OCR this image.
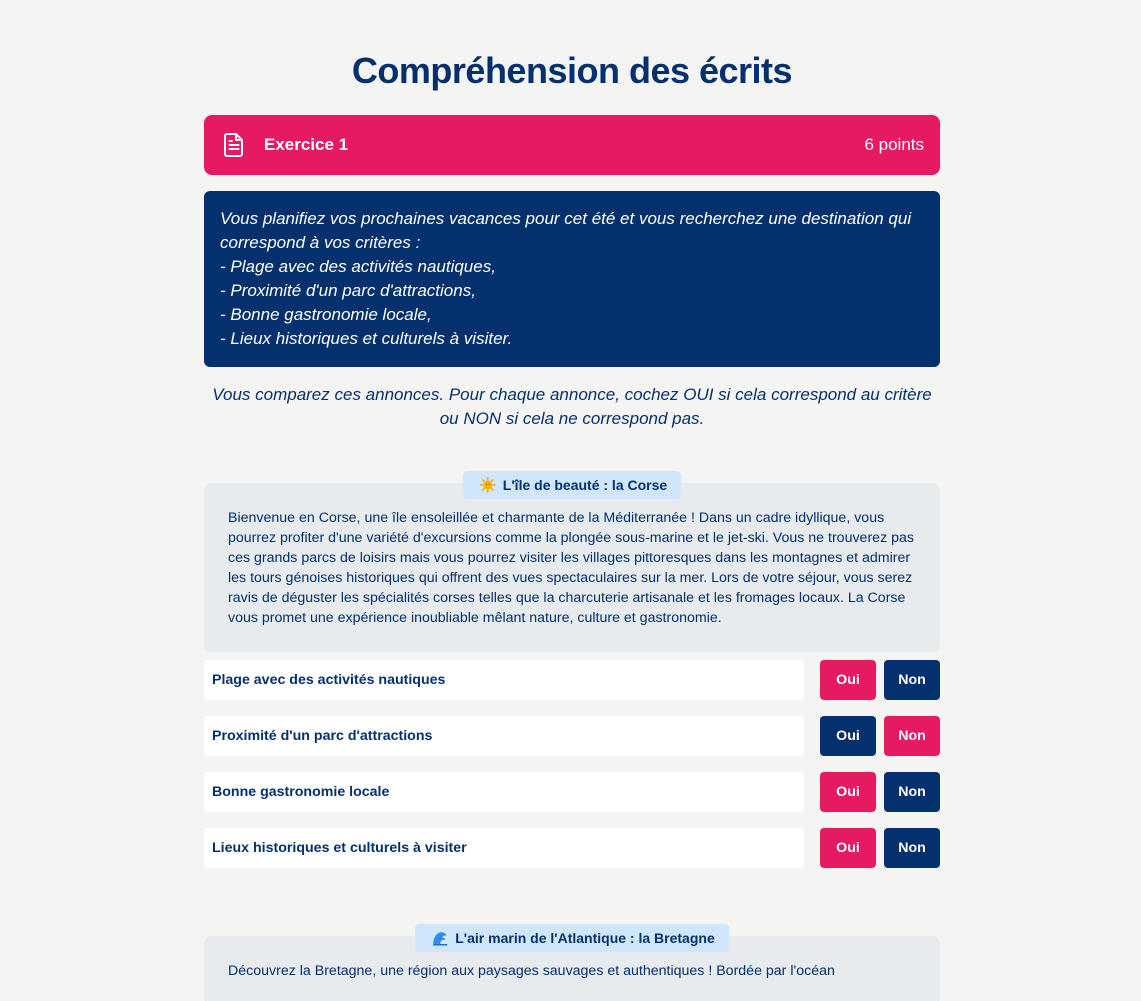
Compréhension des écrits
Exercice 1	6 points

Vous planifiez vos prochaines vacances pour cet été et vous recherchez une destination qui correspond à vos critères :

- Plage avec des activités nautiques,

- Proximité d'un parc d'attractions,

- Bonne gastronomie locale,

- Lieux historiques et culturels à visiter.

Vous comparez ces annonces. Pour chaque annonce, cochez OUI si cela correspond au critère ou NON si cela ne correspond pas.

L'île de beauté : la Corse
Bienvenue en Corse, une île ensoleillée et charmante de la Méditerranée ! Dans un cadre idyllique, vous pourrez profiter d'une variété d'excursions comme la plongée sous-marine et le jet-ski. Vous ne trouverez pas ces grands parcs de loisirs mais vous pourrez visiter les villages pittoresques dans les montagnes et admirer les tours génoises historiques qui offrent des vues spectaculaires sur la mer. Lors de votre séjour, vous serez ravis de déguster les spécialités corses telles que la charcuterie artisanale et les fromages locaux. La Corse vous promet une expérience inoubliable mêlant nature, culture et gastronomie.
Plage avec des activités nautiques	Oui	Non
Proximité d'un parc d'attractions	Oui	Non
Bonne gastronomie locale	Oui	Non
Lieux historiques et culturels à visiter	Oui	Non
L'air marin de l'Atlantique : la Bretagne
Découvrez la Bretagne, une région aux paysages sauvages et authentiques ! Bordée par l'océan
